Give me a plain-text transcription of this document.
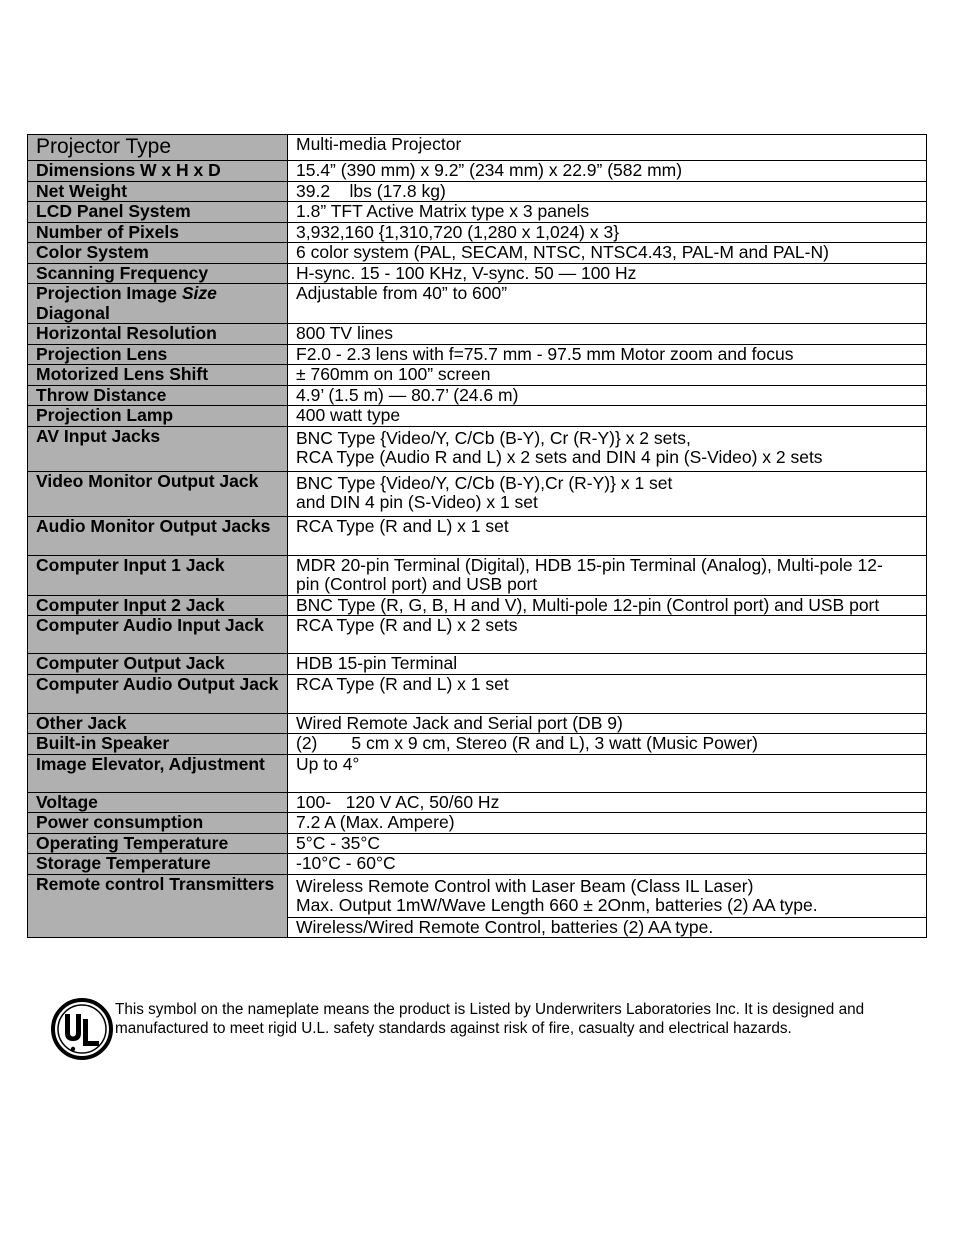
Projector Type	Multi-media Projector

Dimensions W x H x D	15.4” (390 mm) x 9.2” (234 mm) x 22.9” (582 mm)

Net Weight	39.2    lbs (17.8 kg)

LCD Panel System	1.8” TFT Active Matrix type x 3 panels

Number of Pixels	3,932,160 {1,310,720 (1,280 x 1,024) x 3}

Color System	6 color system (PAL, SECAM, NTSC, NTSC4.43, PAL-M and PAL-N)

Scanning Frequency	H-sync. 15 - 100 KHz, V-sync. 50 — 100 Hz

Projection Image Size Diagonal	Adjustable from 40” to 600”

Horizontal Resolution	800 TV lines

Projection Lens	F2.0 - 2.3 lens with f=75.7 mm - 97.5 mm Motor zoom and focus

Motorized Lens Shift	± 760mm on 100” screen

Throw Distance	4.9’ (1.5 m) — 80.7’ (24.6 m)

Projection Lamp	400 watt type

AV Input Jacks	BNC Type {Video/Y, C/Cb (B-Y), Cr (R-Y)} x 2 sets,
RCA Type (Audio R and L) x 2 sets and DIN 4 pin (S-Video) x 2 sets

Video Monitor Output Jack	BNC Type {Video/Y, C/Cb (B-Y),Cr (R-Y)} x 1 set
and DIN 4 pin (S-Video) x 1 set

Audio Monitor Output Jacks	RCA Type (R and L) x 1 set

Computer Input 1 Jack	MDR 20-pin Terminal (Digital), HDB 15-pin Terminal (Analog), Multi-pole 12-
pin (Control port) and USB port

Computer Input 2 Jack	BNC Type (R, G, B, H and V), Multi-pole 12-pin (Control port) and USB port

Computer Audio Input Jack	RCA Type (R and L) x 2 sets

Computer Output Jack	HDB 15-pin Terminal

Computer Audio Output Jack	RCA Type (R and L) x 1 set

Other Jack	Wired Remote Jack and Serial port (DB 9)

Built-in Speaker	(2)       5 cm x 9 cm, Stereo (R and L), 3 watt (Music Power)

Image Elevator, Adjustment	Up to 4°

Voltage	100-   120 V AC, 50/60 Hz

Power consumption	7.2 A (Max. Ampere)

Operating Temperature	5°C - 35°C

Storage Temperature	-10°C - 60°C

Remote control Transmitters	Wireless Remote Control with Laser Beam (Class IL Laser)
Max. Output 1mW/Wave Length 660 ± 2Onm, batteries (2) AA type.

	Wireless/Wired Remote Control, batteries (2) AA type.
This symbol on the nameplate means the product is Listed by Underwriters Laboratories Inc. It is designed and manufactured to meet rigid U.L. safety standards against risk of fire, casualty and electrical hazards.
